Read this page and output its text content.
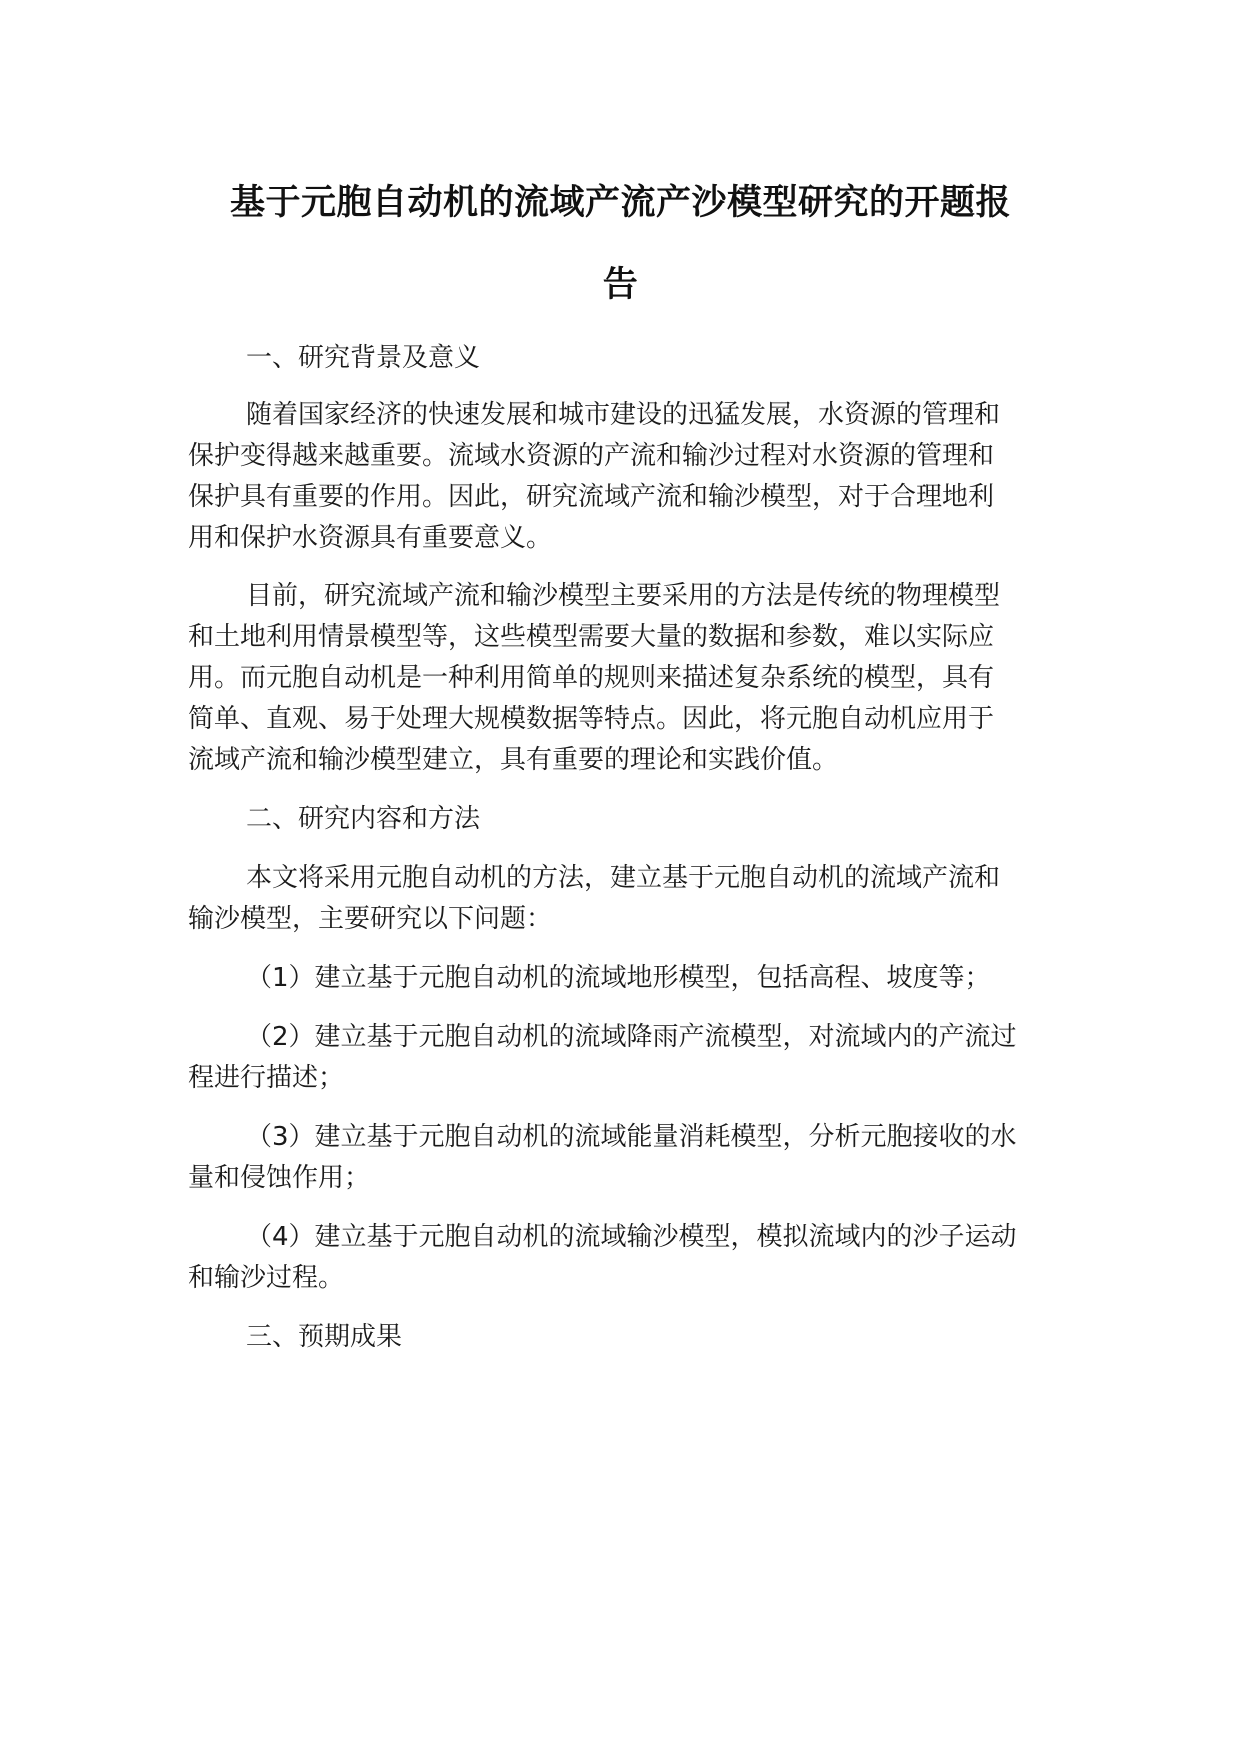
基于元胞自动机的流域产流产沙模型研究的开题报
告
一、研究背景及意义
随着国家经济的快速发展和城市建设的迅猛发展，水资源的管理和
保护变得越来越重要。流域水资源的产流和输沙过程对水资源的管理和
保护具有重要的作用。因此，研究流域产流和输沙模型，对于合理地利
用和保护水资源具有重要意义。
目前，研究流域产流和输沙模型主要采用的方法是传统的物理模型
和土地利用情景模型等，这些模型需要大量的数据和参数，难以实际应
用。而元胞自动机是一种利用简单的规则来描述复杂系统的模型，具有
简单、直观、易于处理大规模数据等特点。因此，将元胞自动机应用于
流域产流和输沙模型建立，具有重要的理论和实践价值。
二、研究内容和方法
本文将采用元胞自动机的方法，建立基于元胞自动机的流域产流和
输沙模型，主要研究以下问题：
（1）建立基于元胞自动机的流域地形模型，包括高程、坡度等；
（2）建立基于元胞自动机的流域降雨产流模型，对流域内的产流过
程进行描述；
（3）建立基于元胞自动机的流域能量消耗模型，分析元胞接收的水
量和侵蚀作用；
（4）建立基于元胞自动机的流域输沙模型，模拟流域内的沙子运动
和输沙过程。
三、预期成果
